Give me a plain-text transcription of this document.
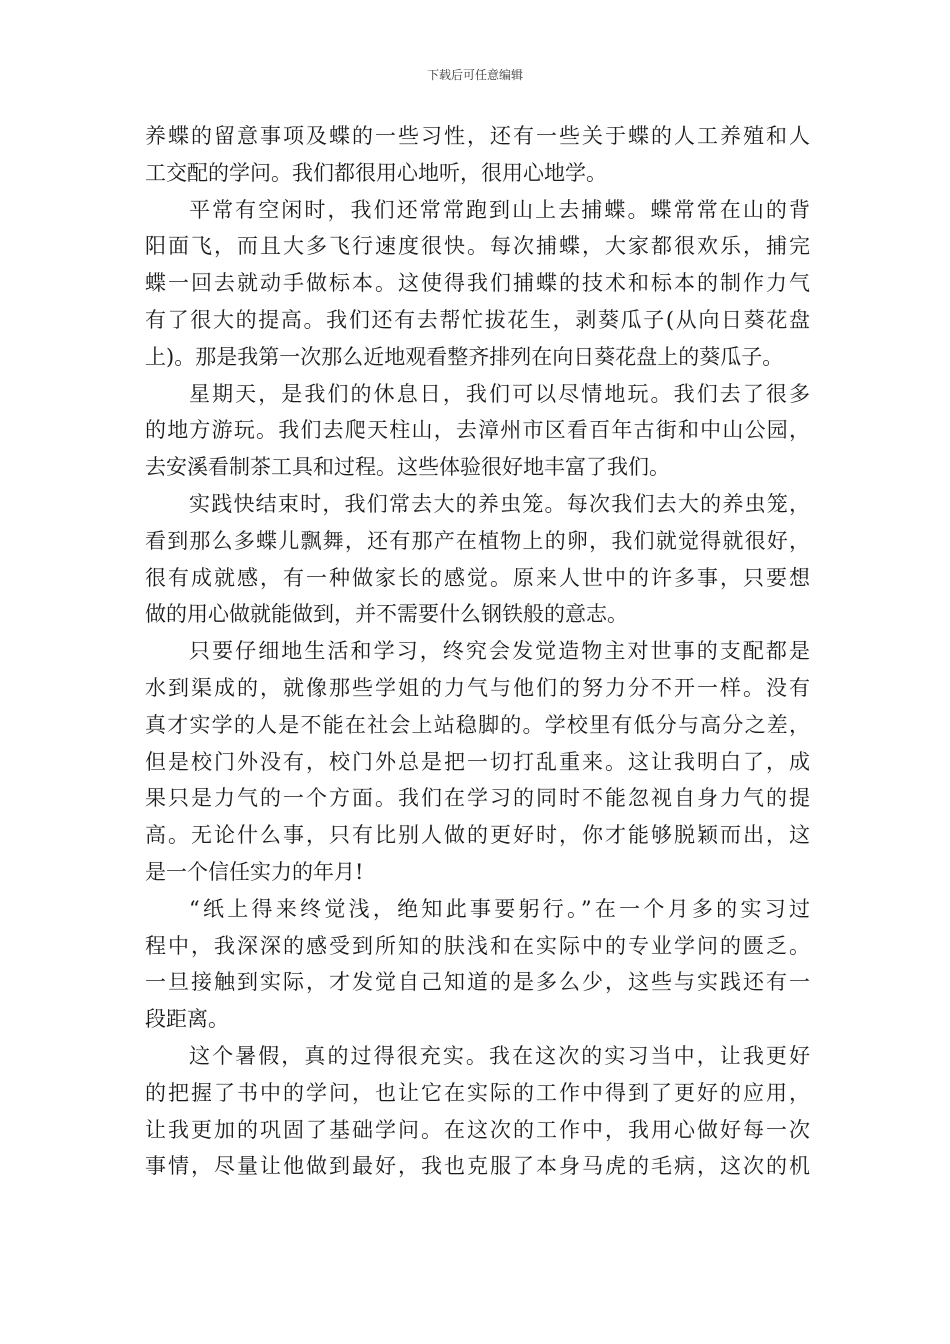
下载后可任意编辑
养蝶的留意事项及蝶的一些习性，还有一些关于蝶的人工养殖和人
工交配的学问。我们都很用心地听，很用心地学。
平常有空闲时，我们还常常跑到山上去捕蝶。蝶常常在山的背
阳面飞，而且大多飞行速度很快。每次捕蝶，大家都很欢乐，捕完
蝶一回去就动手做标本。这使得我们捕蝶的技术和标本的制作力气
有了很大的提高。我们还有去帮忙拔花生，剥葵瓜子(从向日葵花盘
上)。那是我第一次那么近地观看整齐排列在向日葵花盘上的葵瓜子。
星期天，是我们的休息日，我们可以尽情地玩。我们去了很多
的地方游玩。我们去爬天柱山，去漳州市区看百年古街和中山公园，
去安溪看制茶工具和过程。这些体验很好地丰富了我们。
实践快结束时，我们常去大的养虫笼。每次我们去大的养虫笼，
看到那么多蝶儿飘舞，还有那产在植物上的卵，我们就觉得就很好，
很有成就感，有一种做家长的感觉。原来人世中的许多事，只要想
做的用心做就能做到，并不需要什么钢铁般的意志。
只要仔细地生活和学习，终究会发觉造物主对世事的支配都是
水到渠成的，就像那些学姐的力气与他们的努力分不开一样。没有
真才实学的人是不能在社会上站稳脚的。学校里有低分与高分之差，
但是校门外没有，校门外总是把一切打乱重来。这让我明白了，成
果只是力气的一个方面。我们在学习的同时不能忽视自身力气的提
高。无论什么事，只有比别人做的更好时，你才能够脱颖而出，这
是一个信任实力的年月!
“纸上得来终觉浅，绝知此事要躬行。”在一个月多的实习过
程中，我深深的感受到所知的肤浅和在实际中的专业学问的匮乏。
一旦接触到实际，才发觉自己知道的是多么少，这些与实践还有一
段距离。
这个暑假，真的过得很充实。我在这次的实习当中，让我更好
的把握了书中的学问，也让它在实际的工作中得到了更好的应用，
让我更加的巩固了基础学问。在这次的工作中，我用心做好每一次
事情，尽量让他做到最好，我也克服了本身马虎的毛病，这次的机
